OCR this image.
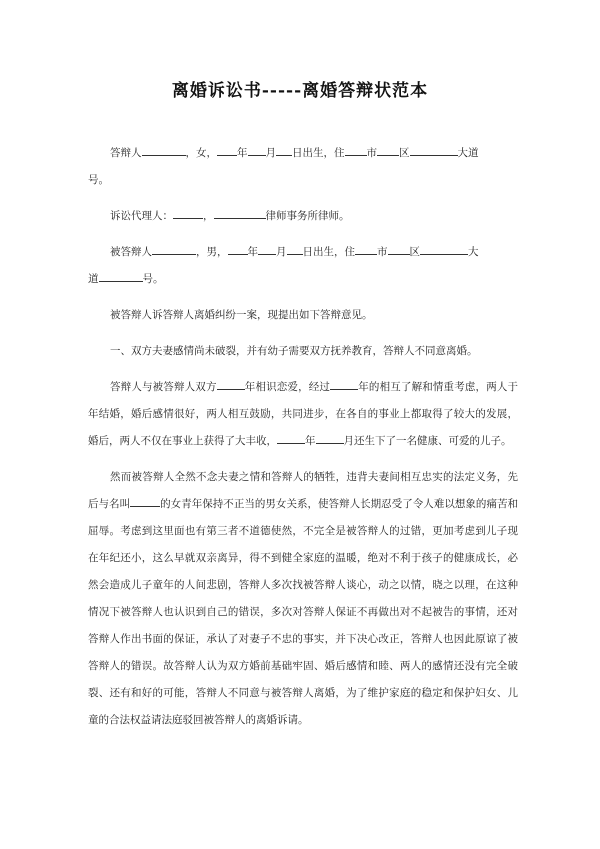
离婚诉讼书-----离婚答辩状范本
答辩人	，女， 年 月 日出生，住 市 区	大道
号。
诉讼代理人：	，	律师事务所律师。
被答辩人	，男， 年 月 日出生，住 市 区	大
道	号。
被答辩人诉答辩人离婚纠纷一案，现提出如下答辩意见。
一、双方夫妻感情尚未破裂，并有幼子需要双方抚养教育，答辩人不同意离婚。
答辩人与被答辩人双方	年相识恋爱，经过	年的相互了解和情重考虑，两人于年结婚，婚后感情很好，两人相互鼓励，共同进步，在各自的事业上都取得了较大的发展，婚后，两人不仅在事业上获得了大丰收，	年	月还生下了一名健康、可爱的儿子。
然而被答辩人全然不念夫妻之情和答辩人的牺牲，违背夫妻间相互忠实的法定义务，先后与名叫	的女青年保持不正当的男女关系，使答辩人长期忍受了令人难以想象的痛苦和屈辱。考虑到这里面也有第三者不道德使然，不完全是被答辩人的过错，更加考虑到儿子现在年纪还小，这么早就双亲离异，得不到健全家庭的温暖，绝对不利于孩子的健康成长，必然会造成儿子童年的人间悲剧，答辩人多次找被答辩人谈心，动之以情，晓之以理，在这种情况下被答辩人也认识到自己的错误，多次对答辩人保证不再做出对不起被告的事情，还对答辩人作出书面的保证，承认了对妻子不忠的事实，并下决心改正，答辩人也因此原谅了被答辩人的错误。故答辩人认为双方婚前基础牢固、婚后感情和睦、两人的感情还没有完全破裂、还有和好的可能，答辩人不同意与被答辩人离婚，为了维护家庭的稳定和保护妇女、儿童的合法权益请法庭驳回被答辩人的离婚诉请。
